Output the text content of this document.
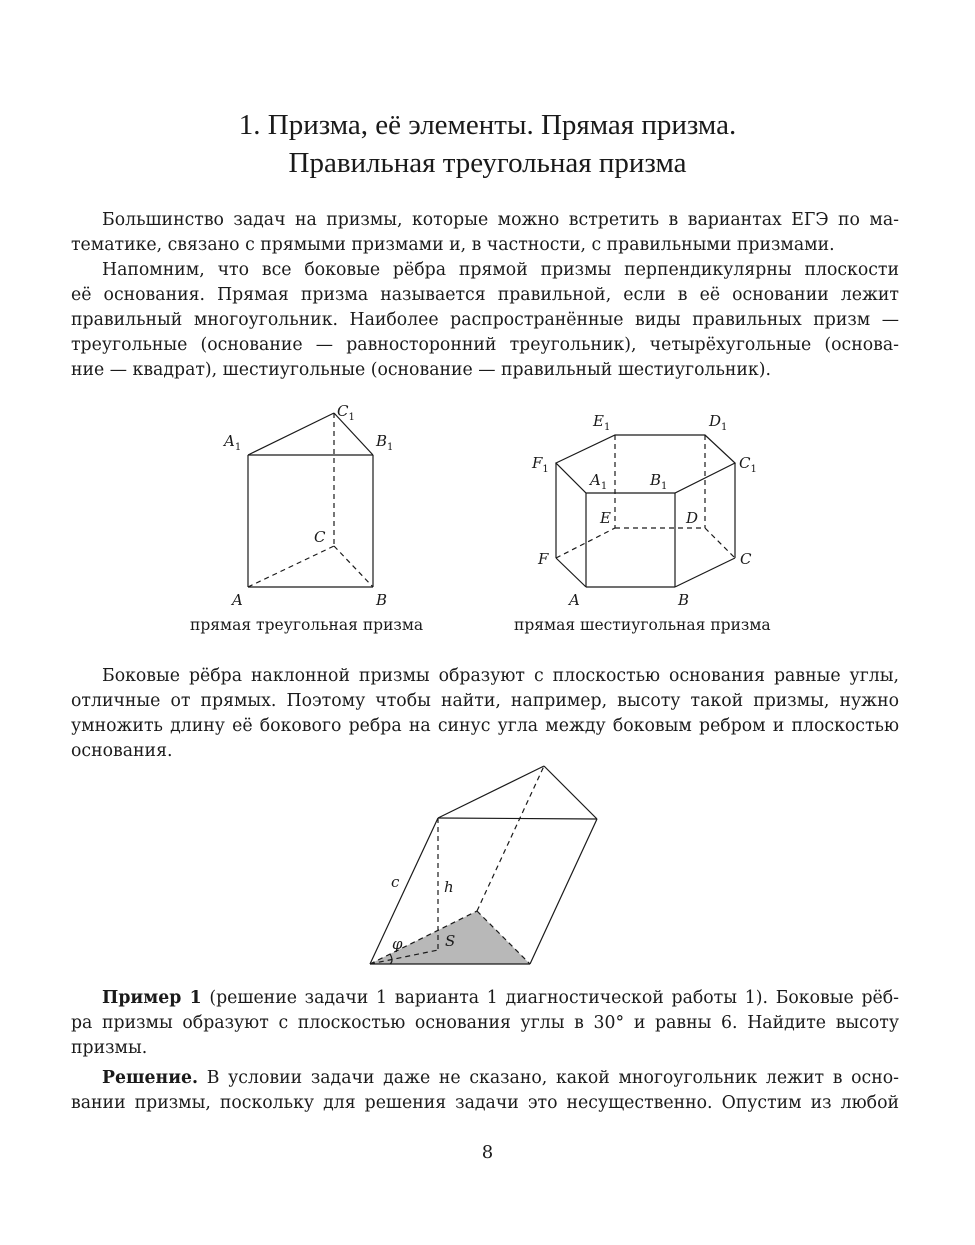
1. Призма, её элементы. Прямая призма.
Правильная треугольная призма
Большинство задач на призмы, которые можно встретить в вариантах ЕГЭ по ма-
тематике, связано с прямыми призмами и, в частности, с правильными призмами.
Напомним, что все боковые рёбра прямой призмы перпендикулярны плоскости
её основания. Прямая призма называется правильной, если в её основании лежит
правильный многоугольник. Наиболее распространённые виды правильных призм —
треугольные (основание — равносторонний треугольник), четырёхугольные (основа-
ние — квадрат), шестиугольные (основание — правильный шестиугольник).
$A_1$	$B_1$
$C_1$
C
A	B
прямая треугольная призма
$E_1$	$D_1$
$F_1$	$C_1$
$A_1$	$B_1$
E	D
F	C
A	B
прямая шестиугольная призма
Боковые рёбра наклонной призмы образуют с плоскостью основания равные углы,
отличные от прямых. Поэтому чтобы найти, например, высоту такой призмы, нужно
умножить длину её бокового ребра на синус угла между боковым ребром и плоскостью
основания.
c	h
φ	S
Пример 1 (решение задачи 1 варианта 1 диагностической работы 1). Боковые рёб-
ра призмы образуют с плоскостью основания углы в 30° и равны 6. Найдите высоту
призмы.
Решение. В условии задачи даже не сказано, какой многоугольник лежит в осно-
вании призмы, поскольку для решения задачи это несущественно. Опустим из любой
8
